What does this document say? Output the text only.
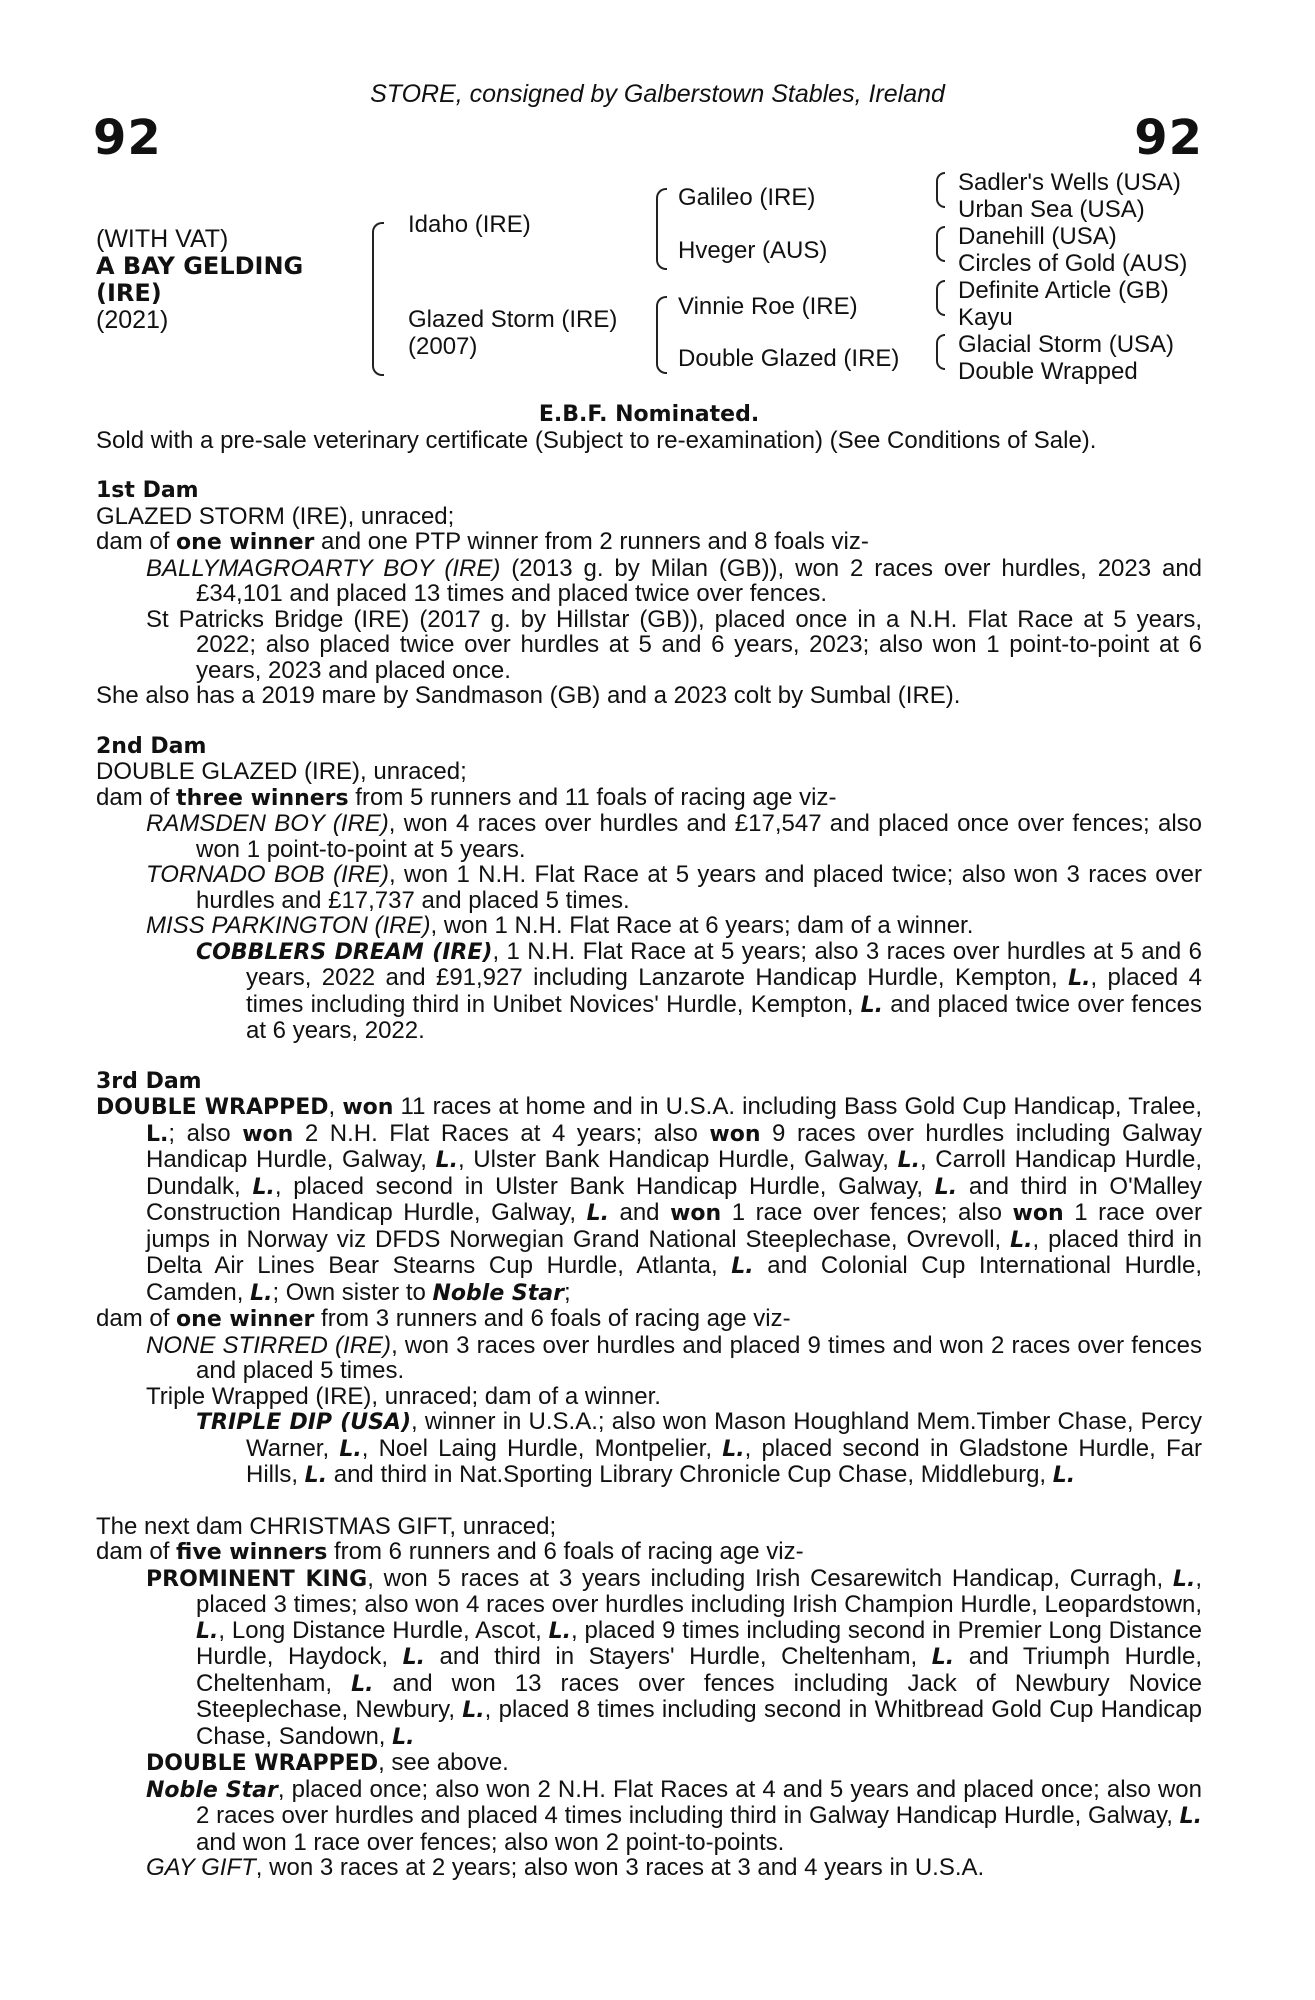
STORE, consigned by Galberstown Stables, Ireland
92	92
(WITH VAT)
A BAY GELDING
(IRE)
(2021)
Idaho (IRE)
Glazed Storm (IRE)
(2007)
Galileo (IRE)
Hveger (AUS)
Vinnie Roe (IRE)
Double Glazed (IRE)
Sadler's Wells (USA)
Urban Sea (USA)
Danehill (USA)
Circles of Gold (AUS)
Definite Article (GB)
Kayu
Glacial Storm (USA)
Double Wrapped

E.B.F. Nominated.

Sold with a pre-sale veterinary certificate (Subject to re-examination) (See Conditions of Sale).

1st Dam

GLAZED STORM (IRE), unraced;

dam of one winner and one PTP winner from 2 runners and 8 foals viz-

BALLYMAGROARTY BOY (IRE) (2013 g. by Milan (GB)), won 2 races over hurdles, 2023 and £34,101 and placed 13 times and placed twice over fences.

St Patricks Bridge (IRE) (2017 g. by Hillstar (GB)), placed once in a N.H. Flat Race at 5 years, 2022; also placed twice over hurdles at 5 and 6 years, 2023; also won 1 point-to-point at 6 years, 2023 and placed once.

She also has a 2019 mare by Sandmason (GB) and a 2023 colt by Sumbal (IRE).

2nd Dam

DOUBLE GLAZED (IRE), unraced;

dam of three winners from 5 runners and 11 foals of racing age viz-

RAMSDEN BOY (IRE), won 4 races over hurdles and £17,547 and placed once over fences; also won 1 point-to-point at 5 years.

TORNADO BOB (IRE), won 1 N.H. Flat Race at 5 years and placed twice; also won 3 races over hurdles and £17,737 and placed 5 times.

MISS PARKINGTON (IRE), won 1 N.H. Flat Race at 6 years; dam of a winner.

COBBLERS DREAM (IRE), 1 N.H. Flat Race at 5 years; also 3 races over hurdles at 5 and 6 years, 2022 and £91,927 including Lanzarote Handicap Hurdle, Kempton, L., placed 4 times including third in Unibet Novices' Hurdle, Kempton, L. and placed twice over fences at 6 years, 2022.

3rd Dam

DOUBLE WRAPPED, won 11 races at home and in U.S.A. including Bass Gold Cup Handicap, Tralee, L.; also won 2 N.H. Flat Races at 4 years; also won 9 races over hurdles including Galway Handicap Hurdle, Galway, L., Ulster Bank Handicap Hurdle, Galway, L., Carroll Handicap Hurdle, Dundalk, L., placed second in Ulster Bank Handicap Hurdle, Galway, L. and third in O'Malley Construction Handicap Hurdle, Galway, L. and won 1 race over fences; also won 1 race over jumps in Norway viz DFDS Norwegian Grand National Steeplechase, Ovrevoll, L., placed third in Delta Air Lines Bear Stearns Cup Hurdle, Atlanta, L. and Colonial Cup International Hurdle, Camden, L.; Own sister to Noble Star;

dam of one winner from 3 runners and 6 foals of racing age viz-

NONE STIRRED (IRE), won 3 races over hurdles and placed 9 times and won 2 races over fences and placed 5 times.

Triple Wrapped (IRE), unraced; dam of a winner.

TRIPLE DIP (USA), winner in U.S.A.; also won Mason Houghland Mem.Timber Chase, Percy Warner, L., Noel Laing Hurdle, Montpelier, L., placed second in Gladstone Hurdle, Far Hills, L. and third in Nat.Sporting Library Chronicle Cup Chase, Middleburg, L.

The next dam CHRISTMAS GIFT, unraced;

dam of five winners from 6 runners and 6 foals of racing age viz-

PROMINENT KING, won 5 races at 3 years including Irish Cesarewitch Handicap, Curragh, L., placed 3 times; also won 4 races over hurdles including Irish Champion Hurdle, Leopardstown, L., Long Distance Hurdle, Ascot, L., placed 9 times including second in Premier Long Distance Hurdle, Haydock, L. and third in Stayers' Hurdle, Cheltenham, L. and Triumph Hurdle, Cheltenham, L. and won 13 races over fences including Jack of Newbury Novice Steeplechase, Newbury, L., placed 8 times including second in Whitbread Gold Cup Handicap Chase, Sandown, L.

DOUBLE WRAPPED, see above.

Noble Star, placed once; also won 2 N.H. Flat Races at 4 and 5 years and placed once; also won 2 races over hurdles and placed 4 times including third in Galway Handicap Hurdle, Galway, L. and won 1 race over fences; also won 2 point-to-points.

GAY GIFT, won 3 races at 2 years; also won 3 races at 3 and 4 years in U.S.A.
